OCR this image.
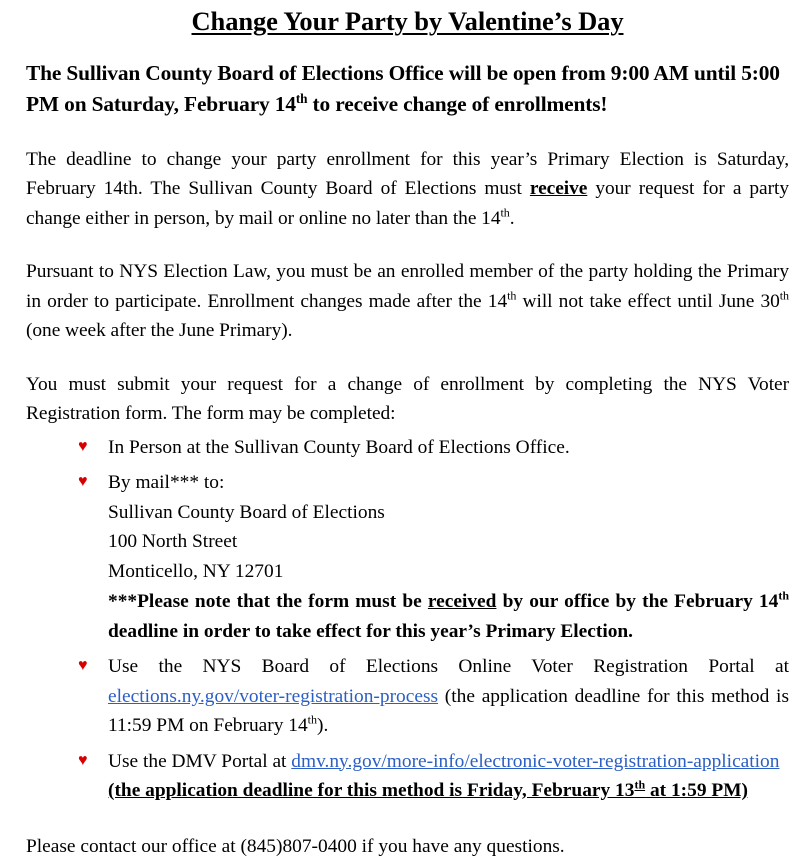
Change Your Party by Valentine’s Day

The Sullivan County Board of Elections Office will be open from 9:00 AM until 5:00 PM on Saturday, February 14th to receive change of enrollments!

The deadline to change your party enrollment for this year’s Primary Election is Saturday, February 14th. The Sullivan County Board of Elections must receive your request for a party change either in person, by mail or online no later than the 14th.

Pursuant to NYS Election Law, you must be an enrolled member of the party holding the Primary in order to participate. Enrollment changes made after the 14th will not take effect until June 30th (one week after the June Primary).

You must submit your request for a change of enrollment by completing the NYS Voter Registration form. The form may be completed:

♥ In Person at the Sullivan County Board of Elections Office.
♥ By mail*** to:
Sullivan County Board of Elections
100 North Street
Monticello, NY 12701
***Please note that the form must be received by our office by the February 14th deadline in order to take effect for this year’s Primary Election.
♥ Use the NYS Board of Elections Online Voter Registration Portal at elections.ny.gov/voter-registration-process (the application deadline for this method is 11:59 PM on February 14th).
♥ Use the DMV Portal at dmv.ny.gov/more-info/electronic-voter-registration-application
(the application deadline for this method is Friday, February 13th at 1:59 PM)

Please contact our office at (845)807-0400 if you have any questions.
